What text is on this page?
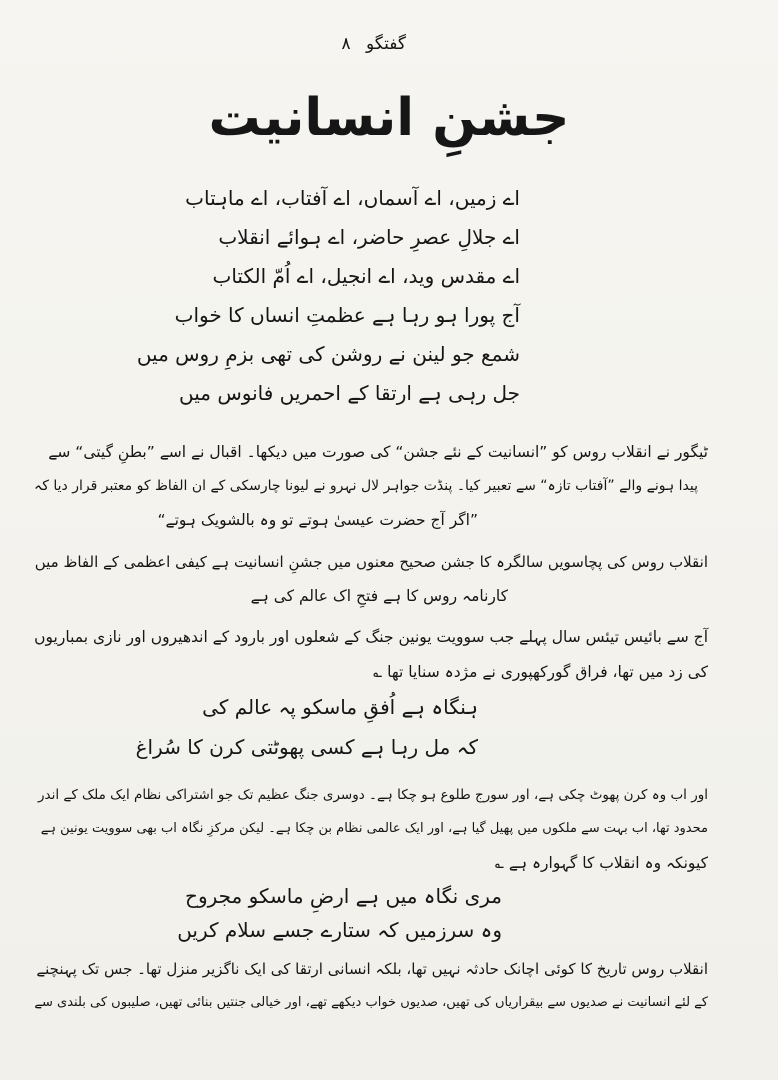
گفتگو ۸
جشنِ انسانیت
اے زمیں، اے آسماں، اے آفتاب، اے ماہتاب
اے جلالِ عصرِ حاضر، اے ہوائے انقلاب
اے مقدس وید، اے انجیل، اے اُمّ الکتاب
آج پورا ہو رہا ہے عظمتِ انساں کا خواب
شمع جو لینن نے روشن کی تھی بزمِ روس میں
جل رہی ہے ارتقا کے احمریں فانوس میں
ٹیگور نے انقلاب روس کو ”انسانیت کے نئے جشن“ کی صورت میں دیکھا۔ اقبال نے اسے ”بطنِ گیتی“ سے
پیدا ہونے والے ”آفتاب تازہ“ سے تعبیر کیا۔ پنڈت جواہر لال نہرو نے لیونا چارسکی کے ان الفاظ کو معتبر قرار دیا کہ
”اگر آج حضرت عیسیٰ ہوتے تو وہ بالشویک ہوتے“
انقلاب روس کی پچاسویں سالگرہ کا جشن صحیح معنوں میں جشنِ انسانیت ہے کیفی اعظمی کے الفاظ میں
کارنامہ روس کا ہے فتحِ اک عالم کی ہے
آج سے بائیس تیئس سال پہلے جب سوویت یونین جنگ کے شعلوں اور بارود کے اندھیروں اور نازی بمباریوں
کی زد میں تھا، فراق گورکھپوری نے مژدہ سنایا تھا ؎
ہنگاہ ہے اُفقِ ماسکو پہ عالم کی
کہ مل رہا ہے کسی پھوٹتی کرن کا سُراغ
اور اب وہ کرن پھوٹ چکی ہے، اور سورج طلوع ہو چکا ہے۔ دوسری جنگ عظیم تک جو اشتراکی نظام ایک ملک کے اندر
محدود تھا، اب بہت سے ملکوں میں پھیل گیا ہے، اور ایک عالمی نظام بن چکا ہے۔ لیکن مرکزِ نگاہ اب بھی سوویت یونین ہے
کیونکہ وہ انقلاب کا گہوارہ ہے ؎
مری نگاہ میں ہے ارضِ ماسکو مجروح
وہ سرزمیں کہ ستارے جسے سلام کریں
انقلاب روس تاریخ کا کوئی اچانک حادثہ نہیں تھا، بلکہ انسانی ارتقا کی ایک ناگزیر منزل تھا۔ جس تک پہنچنے
کے لئے انسانیت نے صدیوں سے بیقراریاں کی تھیں، صدیوں خواب دیکھے تھے، اور خیالی جنتیں بنائی تھیں، صلیبوں کی بلندی سے
